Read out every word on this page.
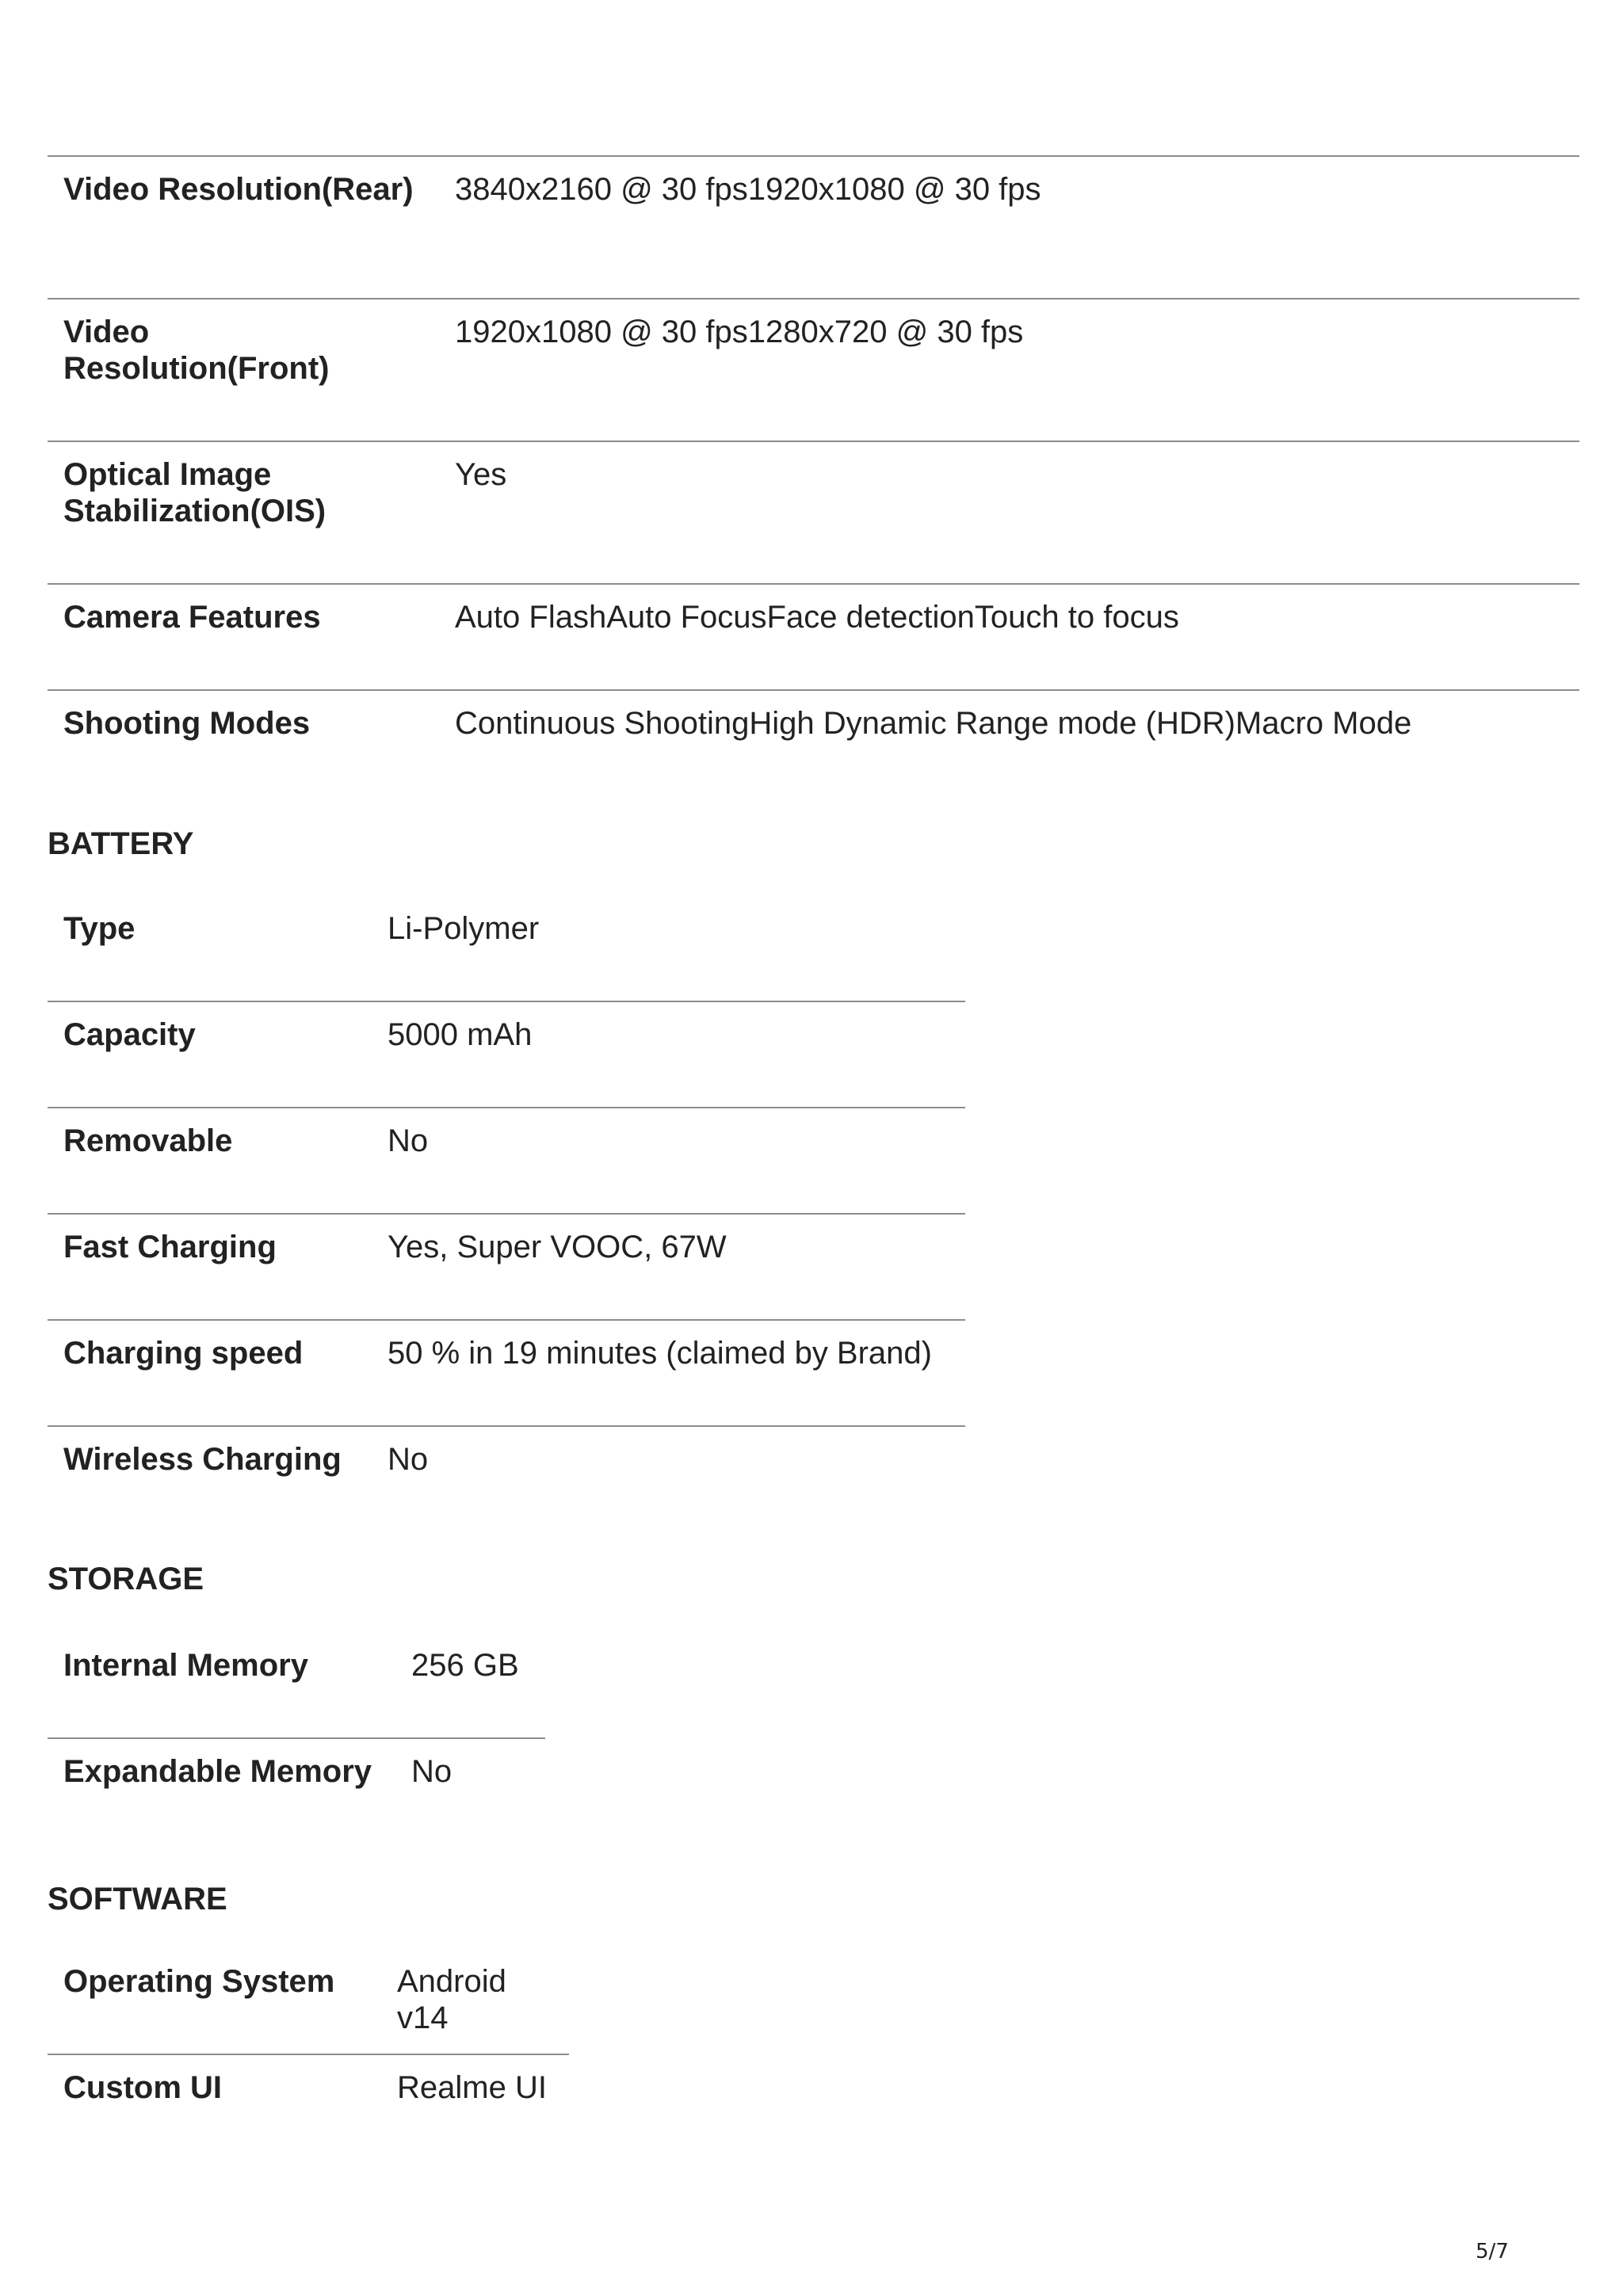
Video Resolution(Rear)	3840x2160 @ 30 fps1920x1080 @ 30 fps
Video Resolution(Front)	1920x1080 @ 30 fps1280x720 @ 30 fps
Optical Image Stabilization(OIS)	Yes
Camera Features	Auto FlashAuto FocusFace detectionTouch to focus
Shooting Modes	Continuous ShootingHigh Dynamic Range mode (HDR)Macro Mode
BATTERY
Type	Li-Polymer
Capacity	5000 mAh
Removable	No
Fast Charging	Yes, Super VOOC, 67W
Charging speed	50 % in 19 minutes (claimed by Brand)
Wireless Charging	No
STORAGE
Internal Memory	256 GB
Expandable Memory	No
SOFTWARE
Operating System	Android v14
Custom UI	Realme UI
5/7
